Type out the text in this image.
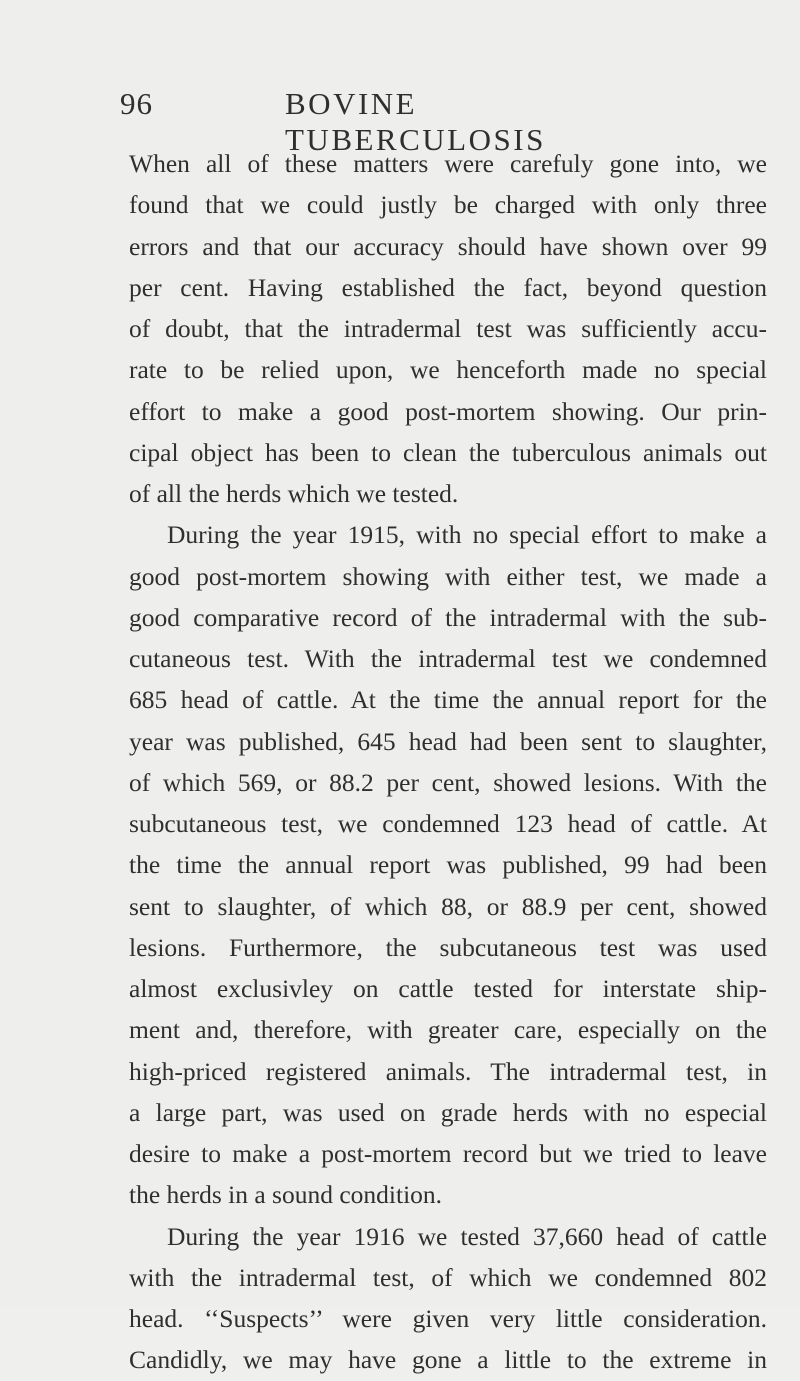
96	BOVINE TUBERCULOSIS
When all of these matters were carefuly gone into, we
found that we could justly be charged with only three
errors and that our accuracy should have shown over 99
per cent. Having established the fact, beyond question
of doubt, that the intradermal test was sufficiently accu-
rate to be relied upon, we henceforth made no special
effort to make a good post-mortem showing. Our prin-
cipal object has been to clean the tuberculous animals out
of all the herds which we tested.
During the year 1915, with no special effort to make a
good post-mortem showing with either test, we made a
good comparative record of the intradermal with the sub-
cutaneous test. With the intradermal test we condemned
685 head of cattle. At the time the annual report for the
year was published, 645 head had been sent to slaughter,
of which 569, or 88.2 per cent, showed lesions. With the
subcutaneous test, we condemned 123 head of cattle. At
the time the annual report was published, 99 had been
sent to slaughter, of which 88, or 88.9 per cent, showed
lesions. Furthermore, the subcutaneous test was used
almost exclusivley on cattle tested for interstate ship-
ment and, therefore, with greater care, especially on the
high-priced registered animals. The intradermal test, in
a large part, was used on grade herds with no especial
desire to make a post-mortem record but we tried to leave
the herds in a sound condition.
During the year 1916 we tested 37,660 head of cattle
with the intradermal test, of which we condemned 802
head. ‘‘Suspects’’ were given very little consideration.
Candidly, we may have gone a little to the extreme in
